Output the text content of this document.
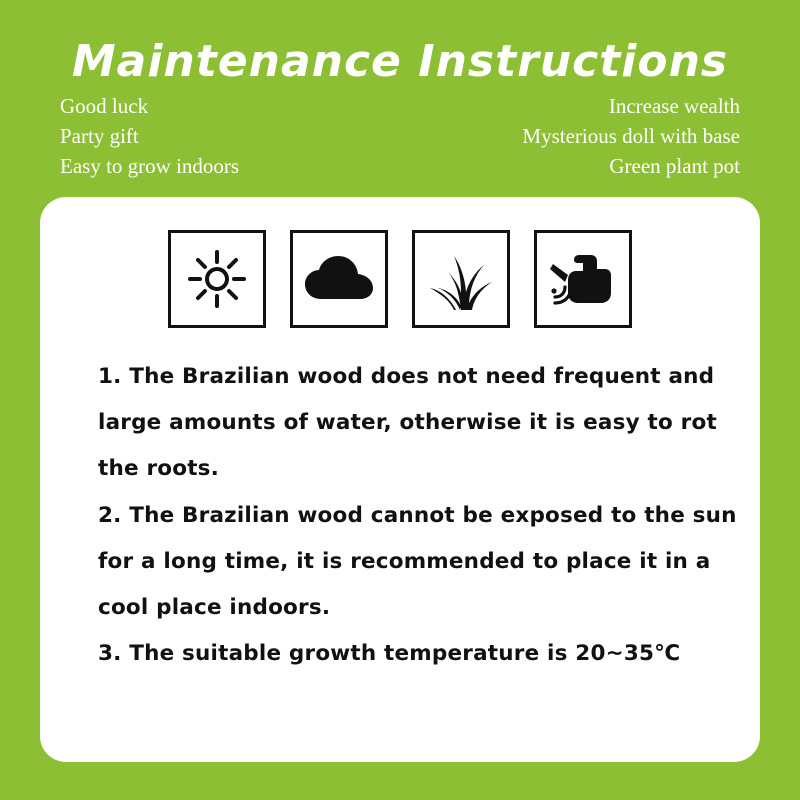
Maintenance Instructions
Good luck	Increase wealth
Party gift	Mysterious doll with base
Easy to grow indoors	Green plant pot
1. The Brazilian wood does not need frequent and
large amounts of water, otherwise it is easy to rot
the roots.
2. The Brazilian wood cannot be exposed to the sun
for a long time, it is recommended to place it in a
cool place indoors.
3. The suitable growth temperature is 20~35℃
